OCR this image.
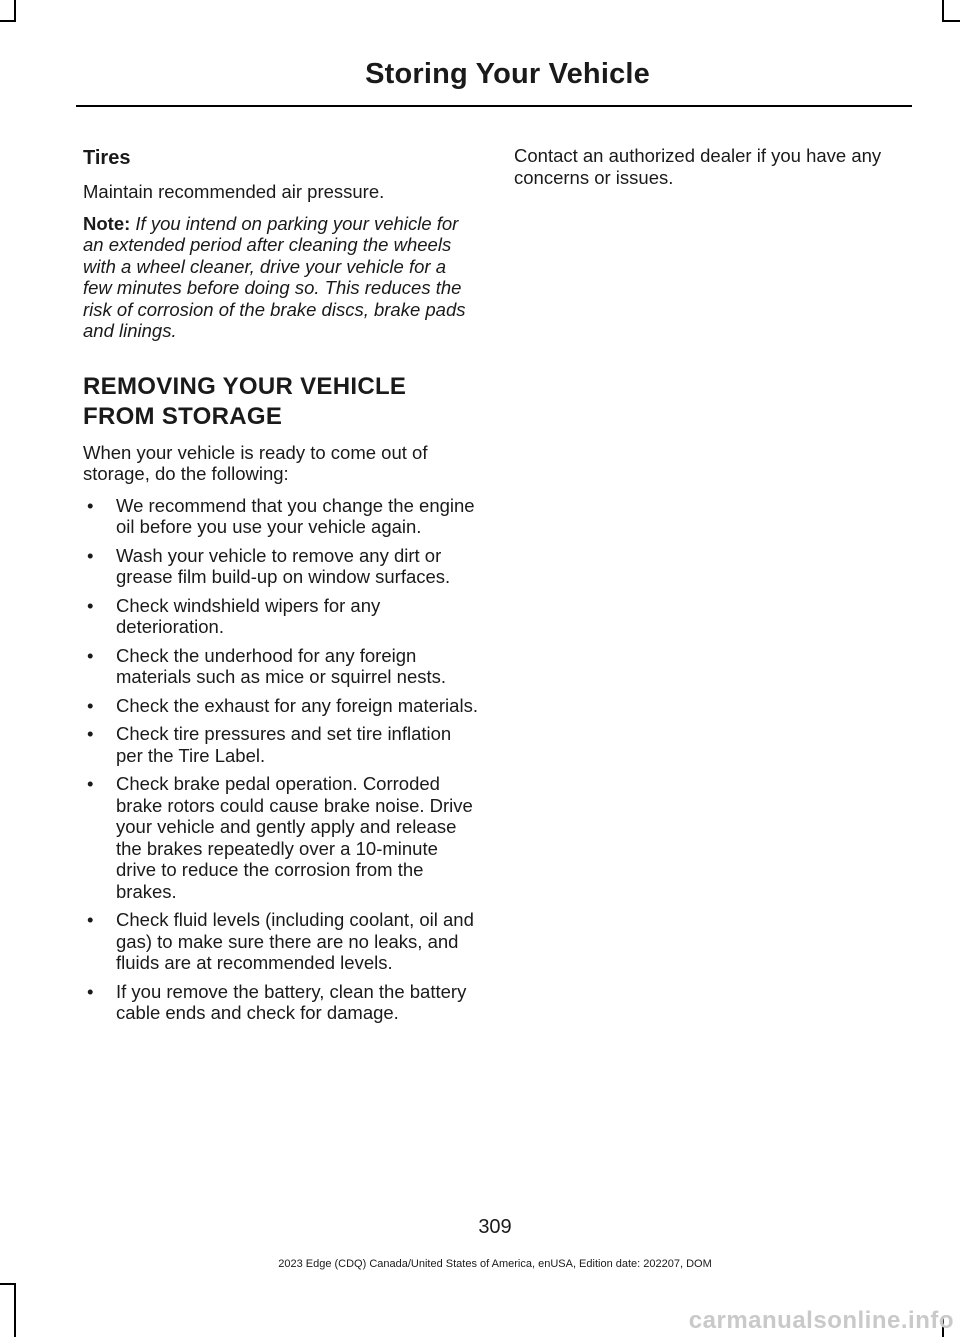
Storing Your Vehicle
Tires

Maintain recommended air pressure.

Note: If you intend on parking your vehicle for an extended period after cleaning the wheels with a wheel cleaner, drive your vehicle for a few minutes before doing so. This reduces the risk of corrosion of the brake discs, brake pads and linings.

REMOVING YOUR VEHICLE FROM STORAGE

When your vehicle is ready to come out of storage, do the following:

• We recommend that you change the engine oil before you use your vehicle again.
• Wash your vehicle to remove any dirt or grease film build-up on window surfaces.
• Check windshield wipers for any deterioration.
• Check the underhood for any foreign materials such as mice or squirrel nests.
• Check the exhaust for any foreign materials.
• Check tire pressures and set tire inflation per the Tire Label.
• Check brake pedal operation. Corroded brake rotors could cause brake noise. Drive your vehicle and gently apply and release the brakes repeatedly over a 10-minute drive to reduce the corrosion from the brakes.
• Check fluid levels (including coolant, oil and gas) to make sure there are no leaks, and fluids are at recommended levels.
• If you remove the battery, clean the battery cable ends and check for damage.

Contact an authorized dealer if you have any concerns or issues.

309
2023 Edge (CDQ) Canada/United States of America, enUSA, Edition date: 202207, DOM
carmanualsonline.info
